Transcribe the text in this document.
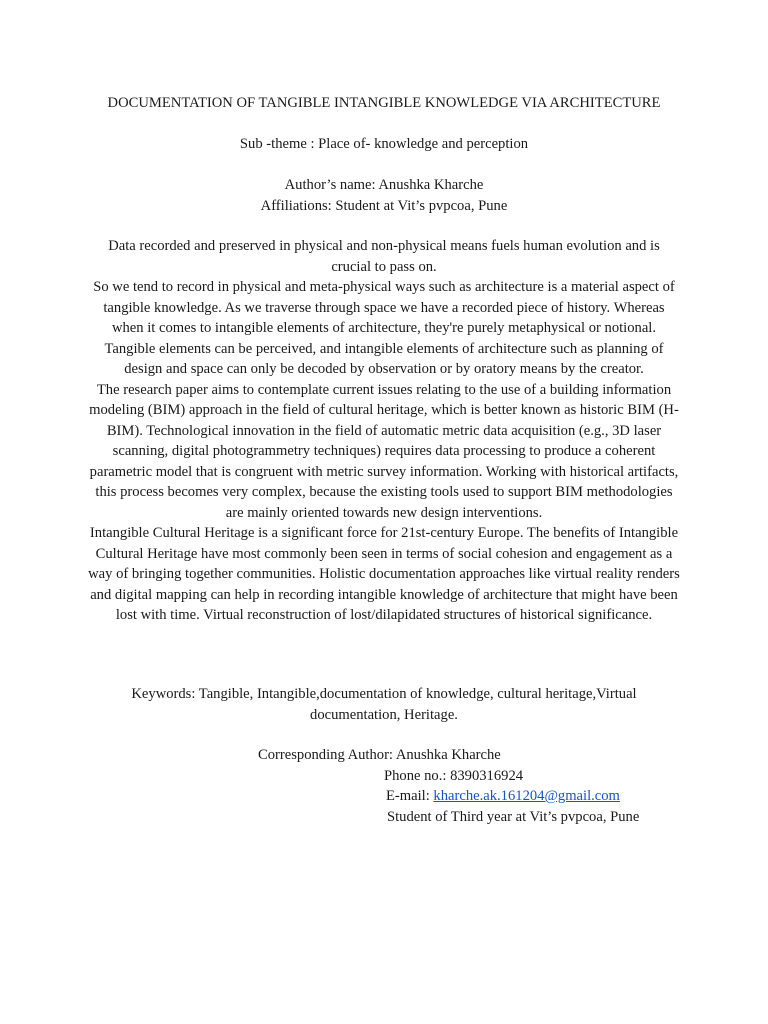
DOCUMENTATION OF TANGIBLE INTANGIBLE KNOWLEDGE VIA ARCHITECTURE
Sub -theme : Place of- knowledge and perception
Author’s name: Anushka Kharche
Affiliations: Student at Vit’s pvpcoa, Pune

Data recorded and preserved in physical and non-physical means fuels human evolution and is crucial to pass on.

So we tend to record in physical and meta-physical ways such as architecture is a material aspect of tangible knowledge. As we traverse through space we have a recorded piece of history. Whereas when it comes to intangible elements of architecture, they're purely metaphysical or notional.

Tangible elements can be perceived, and intangible elements of architecture such as planning of design and space can only be decoded by observation or by oratory means by the creator.

The research paper aims to contemplate current issues relating to the use of a building information modeling (BIM) approach in the field of cultural heritage, which is better known as historic BIM (H-BIM). Technological innovation in the field of automatic metric data acquisition (e.g., 3D laser scanning, digital photogrammetry techniques) requires data processing to produce a coherent parametric model that is congruent with metric survey information. Working with historical artifacts, this process becomes very complex, because the existing tools used to support BIM methodologies are mainly oriented towards new design interventions.

Intangible Cultural Heritage is a significant force for 21st-century Europe. The benefits of Intangible Cultural Heritage have most commonly been seen in terms of social cohesion and engagement as a way of bringing together communities. Holistic documentation approaches like virtual reality renders and digital mapping can help in recording intangible knowledge of architecture that might have been lost with time. Virtual reconstruction of lost/dilapidated structures of historical significance.

Keywords: Tangible, Intangible,documentation of knowledge, cultural heritage,Virtual documentation, Heritage.
Corresponding Author: Anushka Kharche
Phone no.: 8390316924
E-mail: kharche.ak.161204@gmail.com
Student of Third year at Vit’s pvpcoa, Pune
